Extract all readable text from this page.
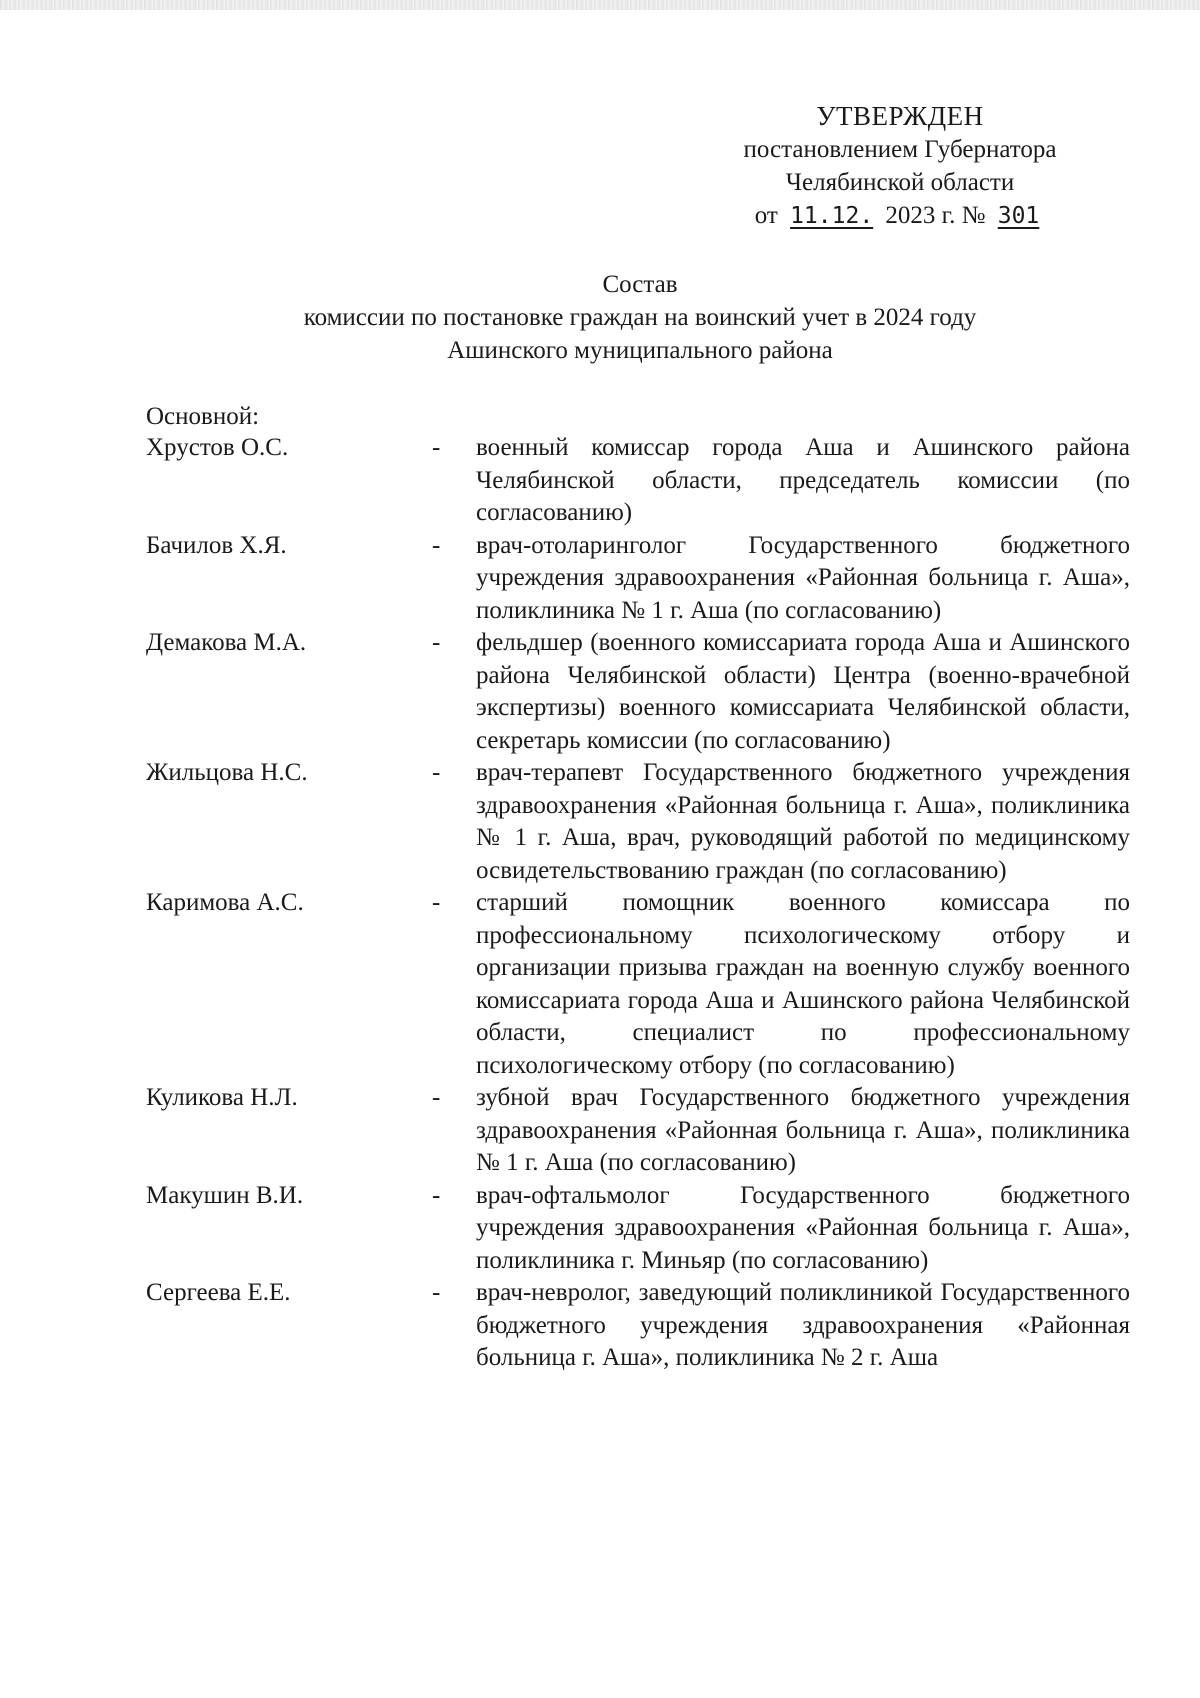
УТВЕРЖДЕН
постановлением Губернатора
Челябинской области
от 11.12. 2023 г. № 301
Состав
комиссии по постановке граждан на воинский учет в 2024 году
Ашинского муниципального района
Основной:
Хрустов О.С.	-	военный комиссар города Аша и Ашинского района Челябинской области, председатель комиссии (по согласованию)
Бачилов Х.Я.	-	врач-отоларинголог Государственного бюджетного учреждения здравоохранения «Районная больница г. Аша», поликлиника № 1 г. Аша (по согласованию)
Демакова М.А.	-	фельдшер (военного комиссариата города Аша и Ашинского района Челябинской области) Центра (военно-врачебной экспертизы) военного комиссариата Челябинской области, секретарь комиссии (по согласованию)
Жильцова Н.С.	-	врач-терапевт Государственного бюджетного учреждения здравоохранения «Районная больница г. Аша», поликлиника № 1 г. Аша, врач, руководящий работой по медицинскому освидетельствованию граждан (по согласованию)
Каримова А.С.	-	старший помощник военного комиссара по профессиональному психологическому отбору и организации призыва граждан на военную службу военного комиссариата города Аша и Ашинского района Челябинской области, специалист по профессиональному психологическому отбору (по согласованию)
Куликова Н.Л.	-	зубной врач Государственного бюджетного учреждения здравоохранения «Районная больница г. Аша», поликлиника № 1 г. Аша (по согласованию)
Макушин В.И.	-	врач-офтальмолог Государственного бюджетного учреждения здравоохранения «Районная больница г. Аша», поликлиника г. Миньяр (по согласованию)
Сергеева Е.Е.	-	врач-невролог, заведующий поликлиникой Государственного бюджетного учреждения здравоохранения «Районная больница г. Аша», поликлиника № 2 г. Аша
